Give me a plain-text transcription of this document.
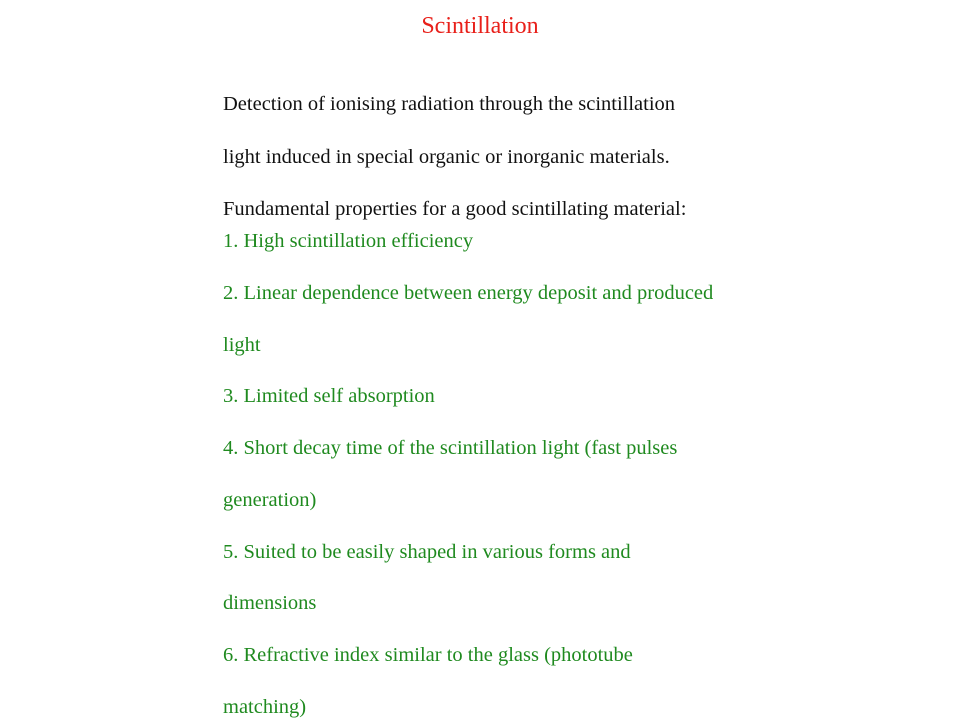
Scintillation
Detection of ionising radiation through the scintillation
light induced in special organic or inorganic materials.
Fundamental properties for a good scintillating material:
1. High scintillation efficiency
2. Linear dependence between energy deposit and produced
light
3. Limited self absorption
4. Short decay time of the scintillation light (fast pulses
generation)
5. Suited to be easily shaped in various forms and
dimensions
6. Refractive index similar to the glass (phototube
matching)
